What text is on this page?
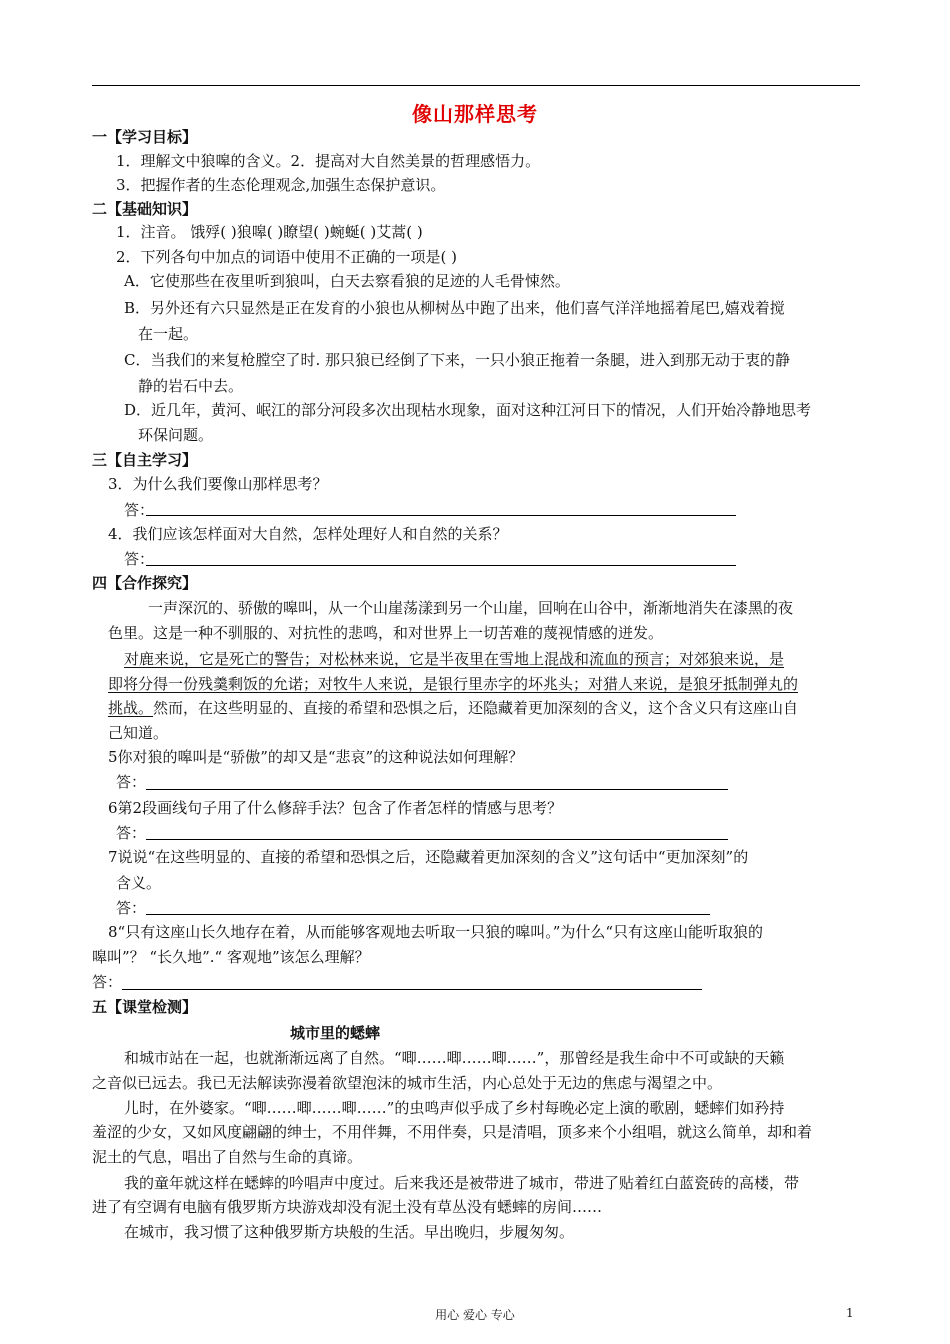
像山那样思考
一【学习目标】
1．理解文中狼嗥的含义。2．提高对大自然美景的哲理感悟力。
3．把握作者的生态伦理观念,加强生态保护意识。
二【基础知识】
1．注音。 饿殍( )狼嗥( )瞭望( )蜿蜒( )艾蒿( )
2．下列各句中加点的词语中使用不正确的一项是( )
A．它使那些在夜里听到狼叫，白天去察看狼的足迹的人毛骨悚然。
B．另外还有六只显然是正在发育的小狼也从柳树丛中跑了出来，他们喜气洋洋地摇着尾巴,嬉戏着搅
在一起。
C．当我们的来复枪膛空了时. 那只狼已经倒了下来，一只小狼正拖着一条腿，进入到那无动于衷的静
静的岩石中去。
D．近几年，黄河、岷江的部分河段多次出现枯水现象，面对这种江河日下的情况，人们开始冷静地思考
环保问题。
三【自主学习】
3．为什么我们要像山那样思考？
答：
4．我们应该怎样面对大自然，怎样处理好人和自然的关系？
答：
四【合作探究】
一声深沉的、骄傲的嗥叫，从一个山崖荡漾到另一个山崖，回响在山谷中，渐渐地消失在漆黑的夜
色里。这是一种不驯服的、对抗性的悲鸣，和对世界上一切苦难的蔑视情感的迸发。
对鹿来说，它是死亡的警告；对松林来说，它是半夜里在雪地上混战和流血的预言；对郊狼来说，是
即将分得一份残羹剩饭的允诺；对牧牛人来说，是银行里赤字的坏兆头；对猎人来说，是狼牙抵制弹丸的
挑战。然而，在这些明显的、直接的希望和恐惧之后，还隐藏着更加深刻的含义，这个含义只有这座山自
己知道。
5你对狼的嗥叫是“骄傲”的却又是“悲哀”的这种说法如何理解？
答：
6第2段画线句子用了什么修辞手法？包含了作者怎样的情感与思考？
答：
7说说“在这些明显的、直接的希望和恐惧之后，还隐藏着更加深刻的含义”这句话中“更加深刻”的
含义。
答：
8“只有这座山长久地存在着，从而能够客观地去听取一只狼的嗥叫。”为什么“只有这座山能听取狼的
嗥叫”？ “长久地”.“ 客观地”该怎么理解？
答：
五【课堂检测】
城市里的蟋蟀
和城市站在一起，也就渐渐远离了自然。“唧……唧……唧……”，那曾经是我生命中不可或缺的天籁
之音似已远去。我已无法解读弥漫着欲望泡沫的城市生活，内心总处于无边的焦虑与渴望之中。
儿时，在外婆家。“唧……唧……唧……”的虫鸣声似乎成了乡村每晚必定上演的歌剧，蟋蟀们如矜持
羞涩的少女，又如风度翩翩的绅士，不用伴舞，不用伴奏，只是清唱，顶多来个小组唱，就这么简单，却和着
泥土的气息，唱出了自然与生命的真谛。
我的童年就这样在蟋蟀的吟唱声中度过。后来我还是被带进了城市，带进了贴着红白蓝瓷砖的高楼，带
进了有空调有电脑有俄罗斯方块游戏却没有泥土没有草丛没有蟋蟀的房间……
在城市，我习惯了这种俄罗斯方块般的生活。早出晚归，步履匆匆。
用心 爱心 专心	1
